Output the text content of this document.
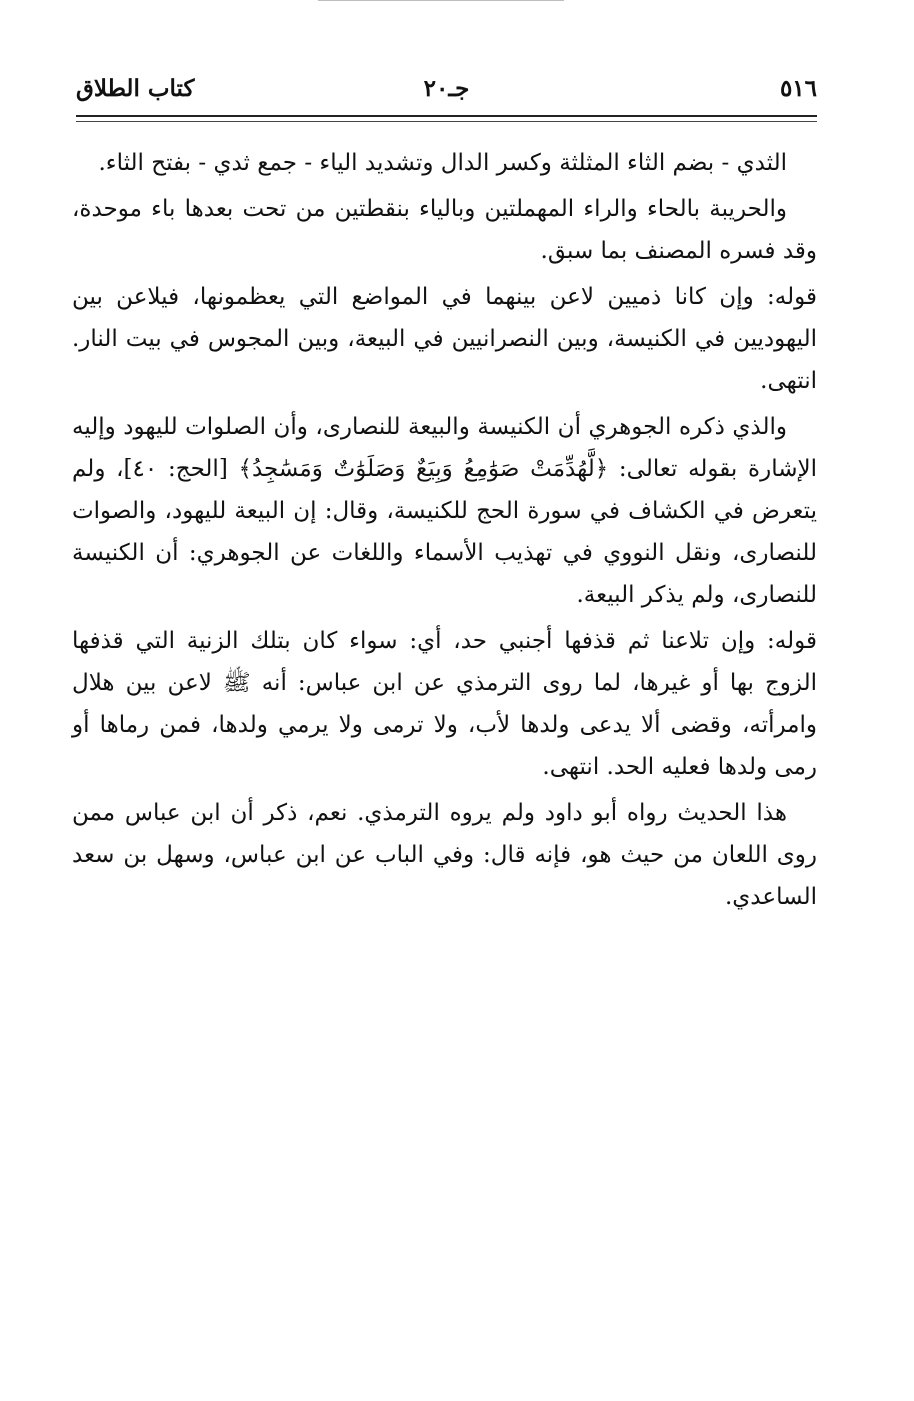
٥١٦
جـ٢٠
كتاب الطلاق

الثدي - بضم الثاء المثلثة وكسر الدال وتشديد الياء - جمع ثدي - بفتح الثاء.

والحريبة بالحاء والراء المهملتين وبالياء بنقطتين من تحت بعدها باء موحدة، وقد فسره المصنف بما سبق.

قوله: وإن كانا ذميين لاعن بينهما في المواضع التي يعظمونها، فيلاعن بين اليهوديين في الكنيسة، وبين النصرانيين في البيعة، وبين المجوس في بيت النار. انتهى.

والذي ذكره الجوهري أن الكنيسة والبيعة للنصارى، وأن الصلوات لليهود وإليه الإشارة بقوله تعالى: ﴿لَّهُدِّمَتْ صَوَٰمِعُ وَبِيَعٌ وَصَلَوَٰتٌ وَمَسَٰجِدُ﴾ [الحج: ٤٠]، ولم يتعرض في الكشاف في سورة الحج للكنيسة، وقال: إن البيعة لليهود، والصوات للنصارى، ونقل النووي في تهذيب الأسماء واللغات عن الجوهري: أن الكنيسة للنصارى، ولم يذكر البيعة.

قوله: وإن تلاعنا ثم قذفها أجنبي حد، أي: سواء كان بتلك الزنية التي قذفها الزوج بها أو غيرها، لما روى الترمذي عن ابن عباس: أنه ﷺ لاعن بين هلال وامرأته، وقضى ألا يدعى ولدها لأب، ولا ترمى ولا يرمي ولدها، فمن رماها أو رمى ولدها فعليه الحد. انتهى.

هذا الحديث رواه أبو داود ولم يروه الترمذي. نعم، ذكر أن ابن عباس ممن روى اللعان من حيث هو، فإنه قال: وفي الباب عن ابن عباس، وسهل بن سعد الساعدي.
